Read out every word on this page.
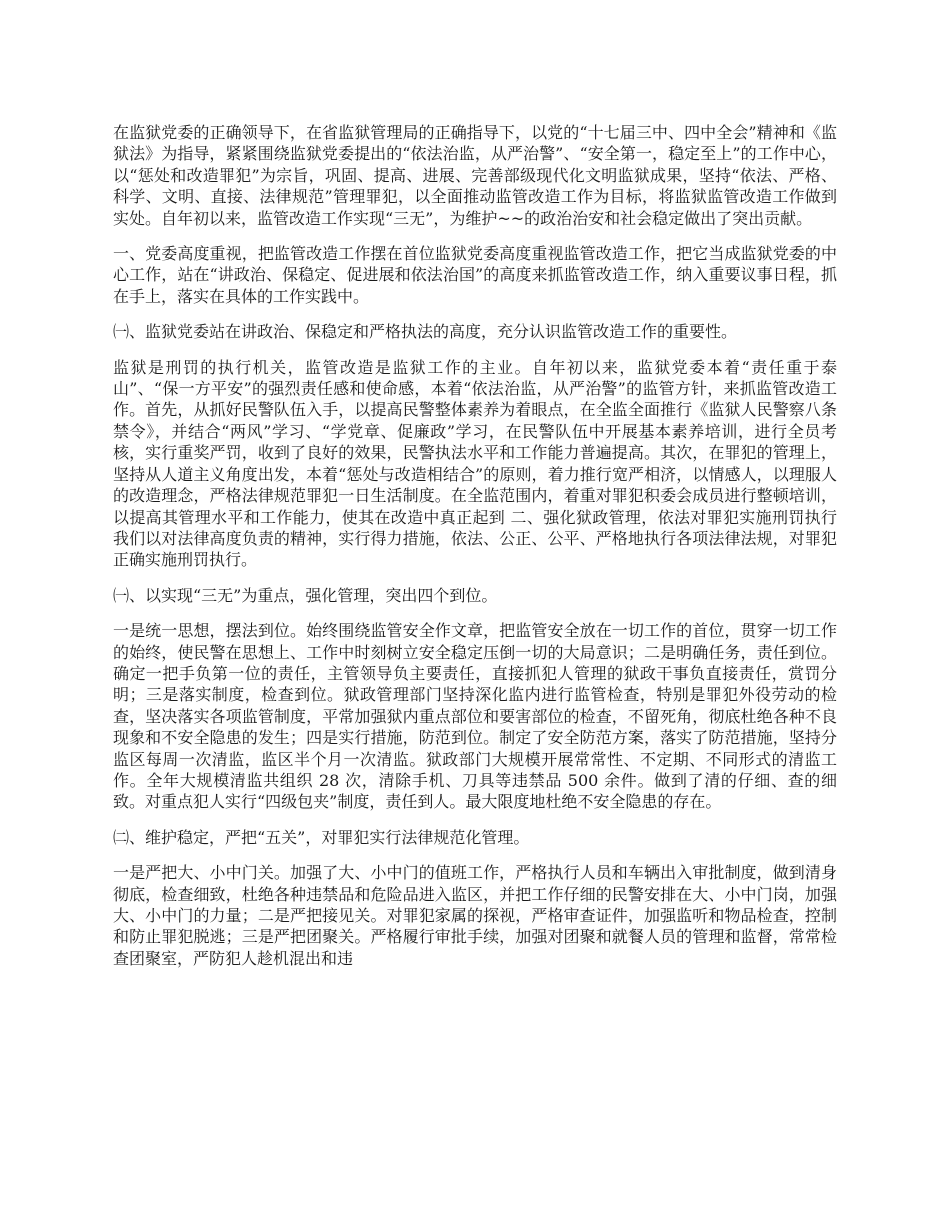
在监狱党委的正确领导下，在省监狱管理局的正确指导下，以党的“十七届三中、四中全会”精神和《监狱法》为指导，紧紧围绕监狱党委提出的“依法治监，从严治警”、“安全第一，稳定至上”的工作中心，以“惩处和改造罪犯”为宗旨，巩固、提高、进展、完善部级现代化文明监狱成果，坚持“依法、严格、科学、文明、直接、法律规范”管理罪犯，以全面推动监管改造工作为目标，将监狱监管改造工作做到实处。自年初以来，监管改造工作实现“三无”，为维护~~的政治治安和社会稳定做出了突出贡献。

一、党委高度重视，把监管改造工作摆在首位监狱党委高度重视监管改造工作，把它当成监狱党委的中心工作，站在“讲政治、保稳定、促进展和依法治国”的高度来抓监管改造工作，纳入重要议事日程，抓在手上，落实在具体的工作实践中。

㈠、监狱党委站在讲政治、保稳定和严格执法的高度，充分认识监管改造工作的重要性。

监狱是刑罚的执行机关，监管改造是监狱工作的主业。自年初以来，监狱党委本着“责任重于泰山”、“保一方平安”的强烈责任感和使命感，本着“依法治监，从严治警”的监管方针，来抓监管改造工作。首先，从抓好民警队伍入手，以提高民警整体素养为着眼点，在全监全面推行《监狱人民警察八条禁令》，并结合“两风”学习、“学党章、促廉政”学习，在民警队伍中开展基本素养培训，进行全员考核，实行重奖严罚，收到了良好的效果，民警执法水平和工作能力普遍提高。其次，在罪犯的管理上，坚持从人道主义角度出发，本着“惩处与改造相结合”的原则，着力推行宽严相济，以情感人，以理服人的改造理念，严格法律规范罪犯一日生活制度。在全监范围内，着重对罪犯积委会成员进行整顿培训，以提高其管理水平和工作能力，使其在改造中真正起到 二、强化狱政管理，依法对罪犯实施刑罚执行我们以对法律高度负责的精神，实行得力措施，依法、公正、公平、严格地执行各项法律法规，对罪犯正确实施刑罚执行。

㈠、以实现“三无”为重点，强化管理，突出四个到位。

一是统一思想，摆法到位。始终围绕监管安全作文章，把监管安全放在一切工作的首位，贯穿一切工作的始终，使民警在思想上、工作中时刻树立安全稳定压倒一切的大局意识；二是明确任务，责任到位。确定一把手负第一位的责任，主管领导负主要责任，直接抓犯人管理的狱政干事负直接责任，赏罚分明；三是落实制度，检查到位。狱政管理部门坚持深化监内进行监管检查，特别是罪犯外役劳动的检查，坚决落实各项监管制度，平常加强狱内重点部位和要害部位的检查，不留死角，彻底杜绝各种不良现象和不安全隐患的发生；四是实行措施，防范到位。制定了安全防范方案，落实了防范措施，坚持分监区每周一次清监，监区半个月一次清监。狱政部门大规模开展常常性、不定期、不同形式的清监工作。全年大规模清监共组织 28 次，清除手机、刀具等违禁品 500 余件。做到了清的仔细、查的细致。对重点犯人实行“四级包夹”制度，责任到人。最大限度地杜绝不安全隐患的存在。

㈡、维护稳定，严把“五关”，对罪犯实行法律规范化管理。

一是严把大、小中门关。加强了大、小中门的值班工作，严格执行人员和车辆出入审批制度，做到清身彻底，检查细致，杜绝各种违禁品和危险品进入监区，并把工作仔细的民警安排在大、小中门岗，加强大、小中门的力量；二是严把接见关。对罪犯家属的探视，严格审查证件，加强监听和物品检查，控制和防止罪犯脱逃；三是严把团聚关。严格履行审批手续，加强对团聚和就餐人员的管理和监督，常常检查团聚室，严防犯人趁机混出和违
